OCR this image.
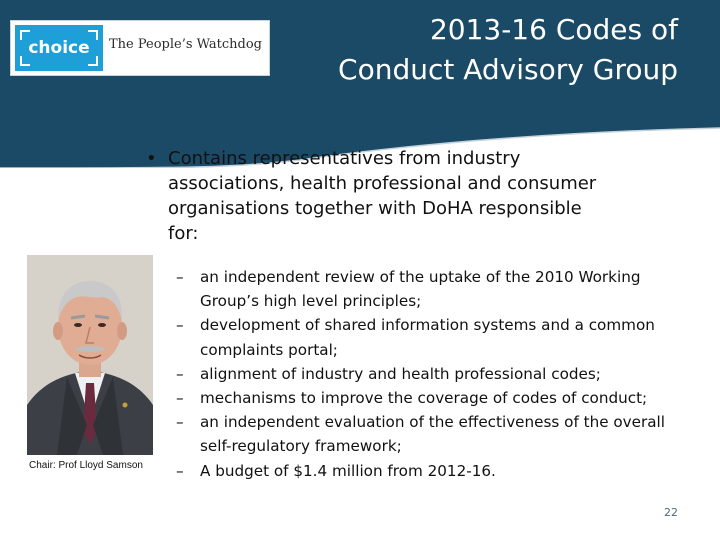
choice	The People’s Watchdog	2013-16 Codes of
Conduct Advisory Group
• Contains representatives from industry associations, health professional and consumer organisations together with DoHA responsible for:
Chair: Prof Lloyd Samson
– an independent review of the uptake of the 2010 Working Group’s high level principles;
– development of shared information systems and a common complaints portal;
– alignment of industry and health professional codes;
– mechanisms to improve the coverage of codes of conduct;
– an independent evaluation of the effectiveness of the overall self-regulatory framework;
– A budget of $1.4 million from 2012-16.
22
